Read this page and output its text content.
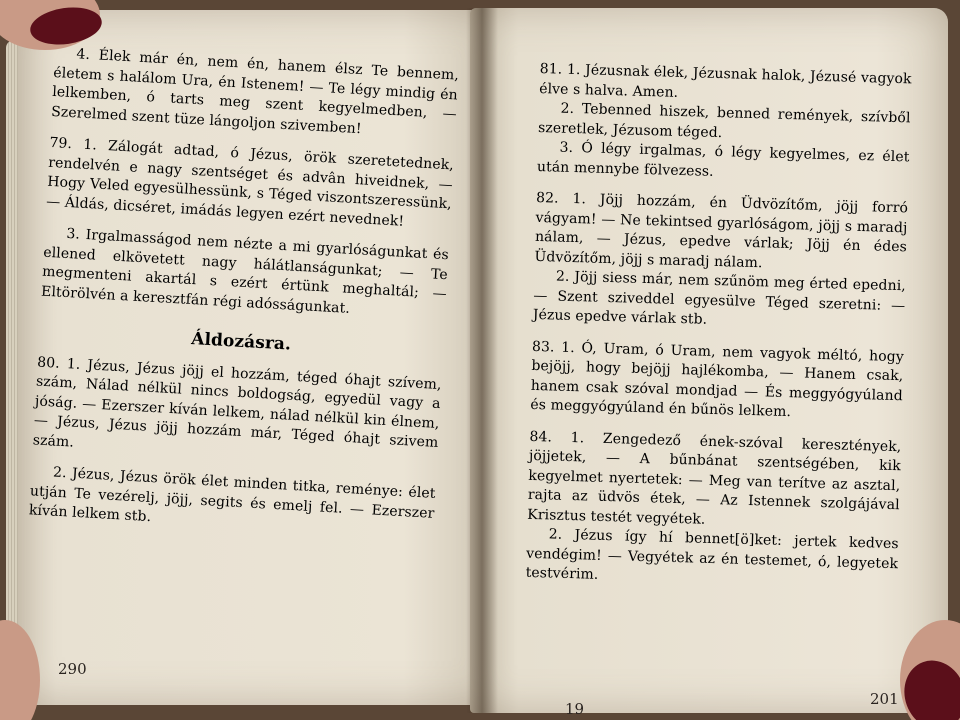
290

4. Élek már én, nem én, hanem élsz Te bennem, életem s halálom Ura, én Istenem! — Te légy mindig én lelkemben, ó tarts meg szent kegyelmedben, — Szerelmed szent tüze lángoljon szivemben!

79. 1. Zálogát adtad, ó Jézus, örök szeretetednek, rendelvén e nagy szentséget és advân hiveidnek, — Hogy Veled egyesülhessünk, s Téged viszontszeressünk, — Áldás, dicséret, imádás legyen ezért nevednek!

3. Irgalmasságod nem nézte a mi gyarlóságunkat és ellened elkövetett nagy hálátlanságunkat; — Te megmenteni akartál s ezért értünk meghaltál; — Eltörölvén a keresztfán régi adósságunkat.

Áldozásra.

80. 1. Jézus, Jézus jöjj el hozzám, téged óhajt szívem, szám, Nálad nélkül nincs boldogság, egyedül vagy a jóság. — Ezerszer kíván lelkem, nálad nélkül kin élnem, — Jézus, Jézus jöjj hozzám már, Téged óhajt szivem szám.

2. Jézus, Jézus örök élet minden titka, reménye: élet utján Te vezérelj, jöjj, segits és emelj fel. — Ezerszer kíván lelkem stb.

81. 1. Jézusnak élek, Jézusnak halok, Jézusé vagyok élve s halva. Amen.

2. Tebenned hiszek, benned remények, szívből szeretlek, Jézusom téged.

3. Ó légy irgalmas, ó légy kegyelmes, ez élet után mennybe fölvezess.

82. 1. Jöjj hozzám, én Üdvözítőm, jöjj forró vágyam! — Ne tekintsed gyarlóságom, jöjj s maradj nálam, — Jézus, epedve várlak; Jöjj én édes Üdvözítőm, jöjj s maradj nálam.

2. Jöjj siess már, nem szűnöm meg érted epedni, — Szent sziveddel egyesülve Téged szeretni: — Jézus epedve várlak stb.

83. 1. Ó, Uram, ó Uram, nem vagyok méltó, hogy bejöjj, hogy bejöjj hajlékomba, — Hanem csak, hanem csak szóval mondjad — És meggyógyúland és meggyógyúland én bűnös lelkem.

84. 1. Zengedező ének-szóval keresztények, jöjjetek, — A bűnbánat szentségében, kik kegyelmet nyertetek: — Meg van terítve az asztal, rajta az üdvös étek, — Az Istennek szolgájával Krisztus testét vegyétek.

2. Jézus így hí bennet[ö]ket: jertek kedves vendégim! — Vegyétek az én testemet, ó, legyetek testvérim.

19
201
